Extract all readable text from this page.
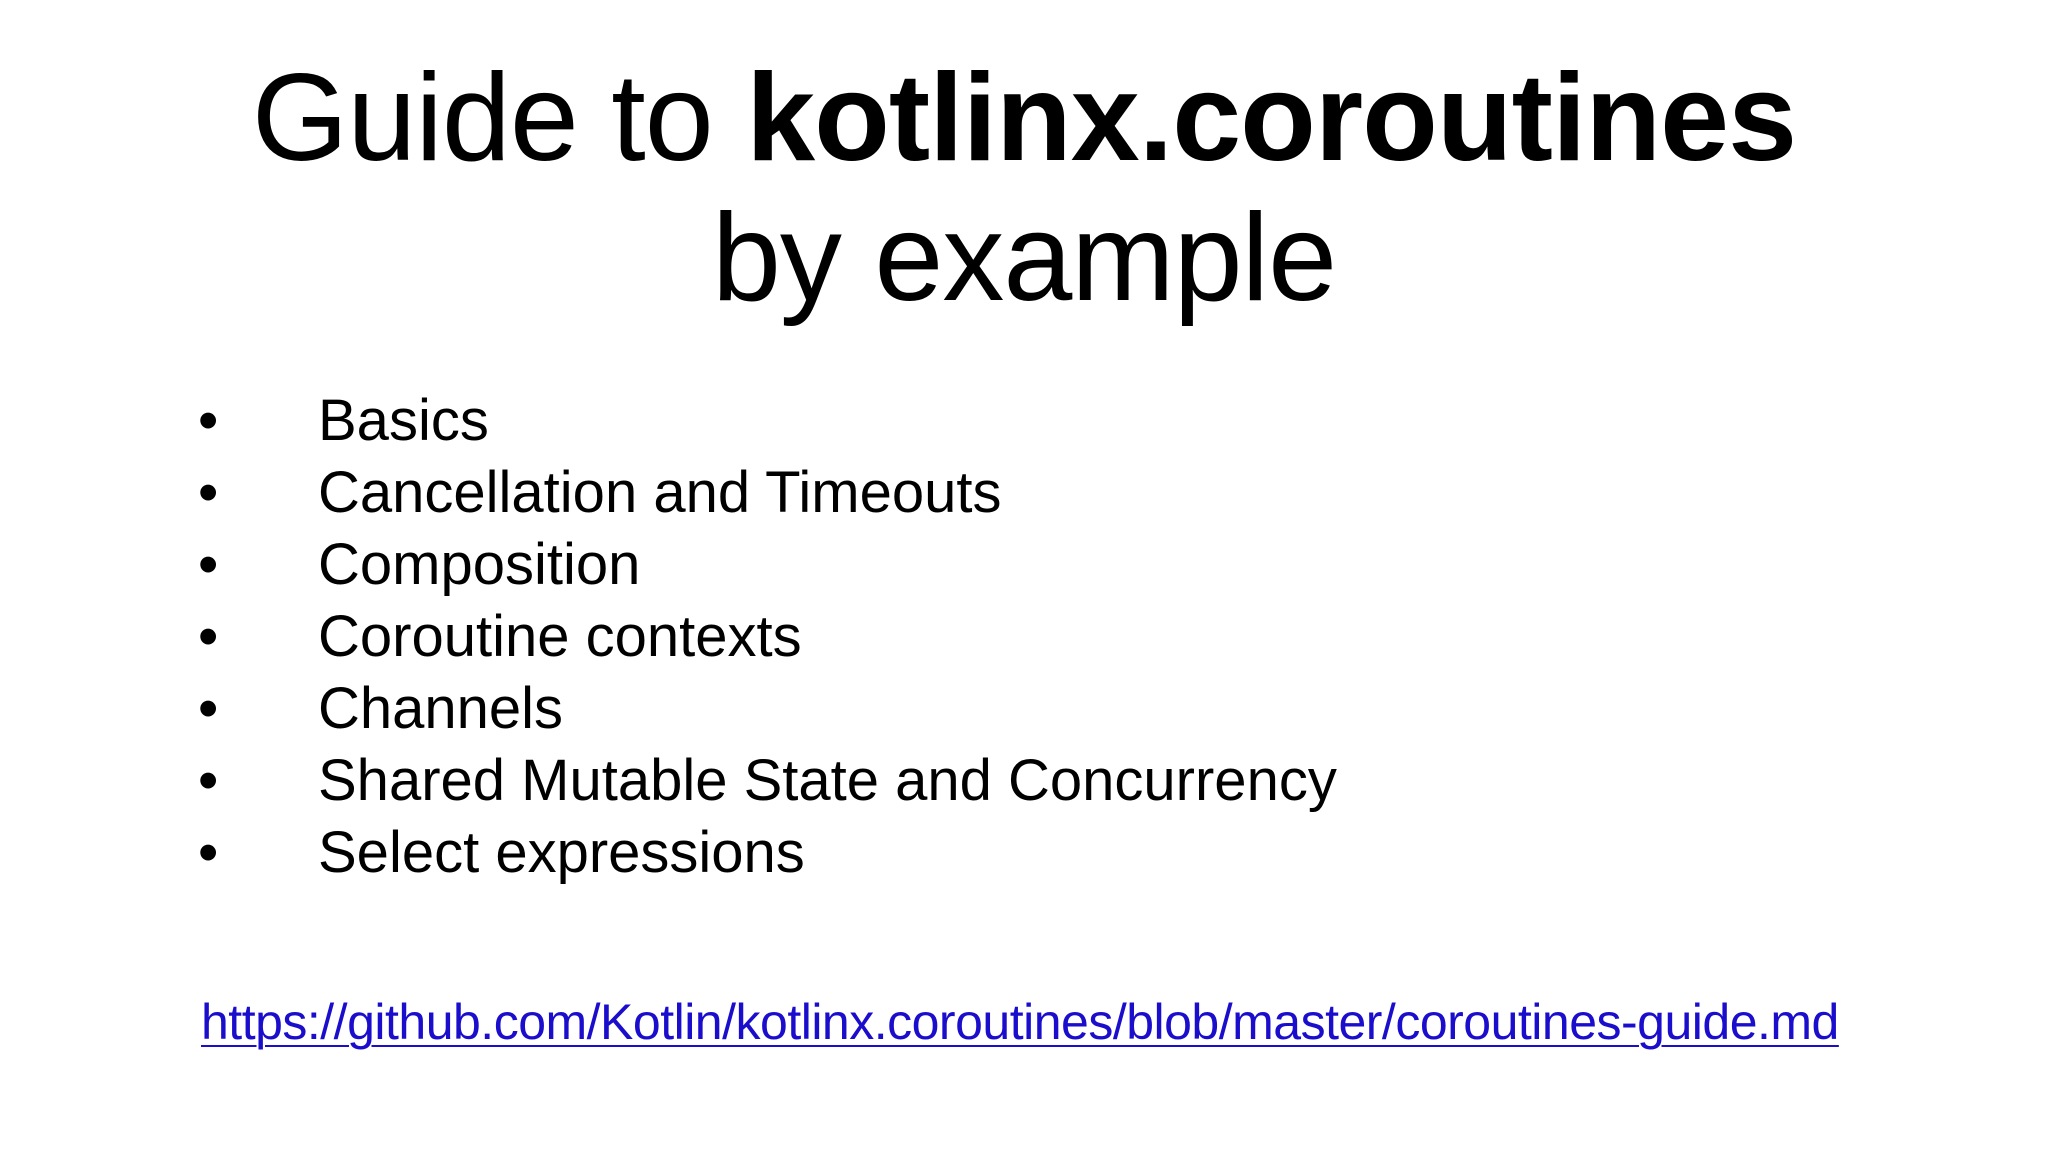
Guide to kotlinx.coroutines
by example
• Basics
• Cancellation and Timeouts
• Composition
• Coroutine contexts
• Channels
• Shared Mutable State and Concurrency
• Select expressions
https://github.com/Kotlin/kotlinx.coroutines/blob/master/coroutines-guide.md
